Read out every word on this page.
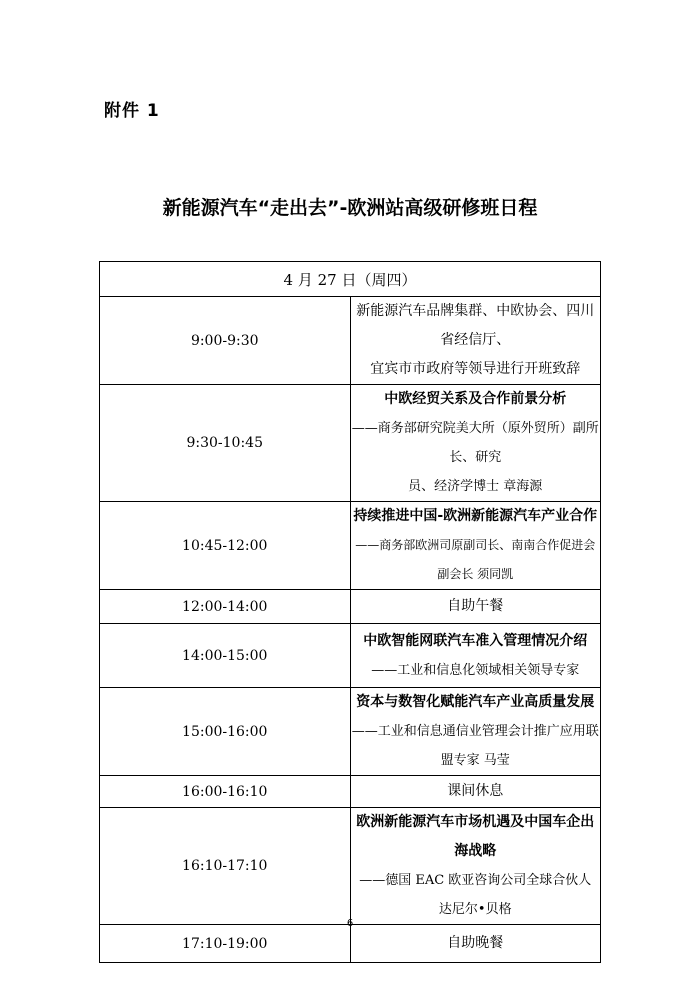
附件 1
新能源汽车“走出去”-欧洲站高级研修班日程
4 月 27 日（周四）	
9:00-9:30	新能源汽车品牌集群、中欧协会、四川省经信厅、
宜宾市市政府等领导进行开班致辞

9:30-10:45	中欧经贸关系及合作前景分析
——商务部研究院美大所（原外贸所）副所长、研究
员、经济学博士 章海源

10:45-12:00	持续推进中国-欧洲新能源汽车产业合作
——商务部欧洲司原副司长、南南合作促进会副会长 须同凯

12:00-14:00	自助午餐
14:00-15:00	中欧智能网联汽车准入管理情况介绍
——工业和信息化领域相关领导专家

15:00-16:00	资本与数智化赋能汽车产业高质量发展
——工业和信息通信业管理会计推广应用联盟专家 马莹

16:00-16:10	课间休息
16:10-17:10	欧洲新能源汽车市场机遇及中国车企出海战略
——德国 EAC 欧亚咨询公司全球合伙人
达尼尔•贝格

17:10-19:00	自助晚餐
6
